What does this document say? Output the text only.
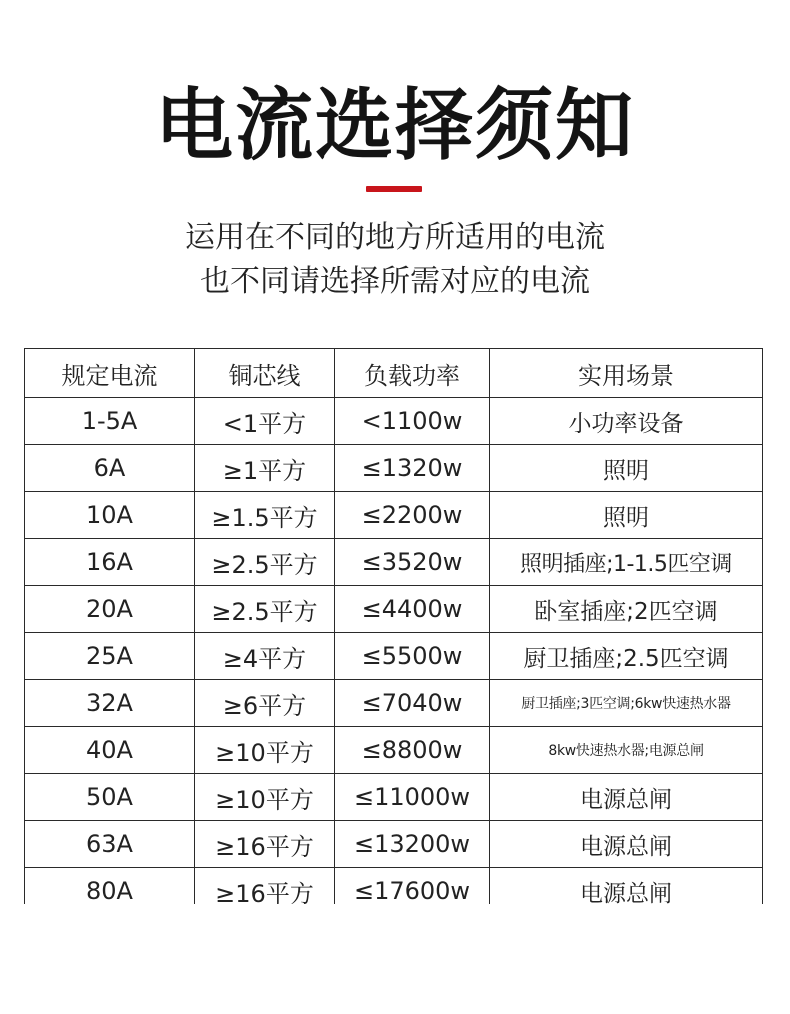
电流选择须知
运用在不同的地方所适用的电流
也不同请选择所需对应的电流
规定电流	铜芯线	负载功率	实用场景
1-5A	<1平方	<1100w	小功率设备
6A	≥1平方	≤1320w	照明
10A	≥1.5平方	≤2200w	照明
16A	≥2.5平方	≤3520w	照明插座;1-1.5匹空调
20A	≥2.5平方	≤4400w	卧室插座;2匹空调
25A	≥4平方	≤5500w	厨卫插座;2.5匹空调
32A	≥6平方	≤7040w	厨卫插座;3匹空调;6kw快速热水器
40A	≥10平方	≤8800w	8kw快速热水器;电源总闸
50A	≥10平方	≤11000w	电源总闸
63A	≥16平方	≤13200w	电源总闸
80A	≥16平方	≤17600w	电源总闸
